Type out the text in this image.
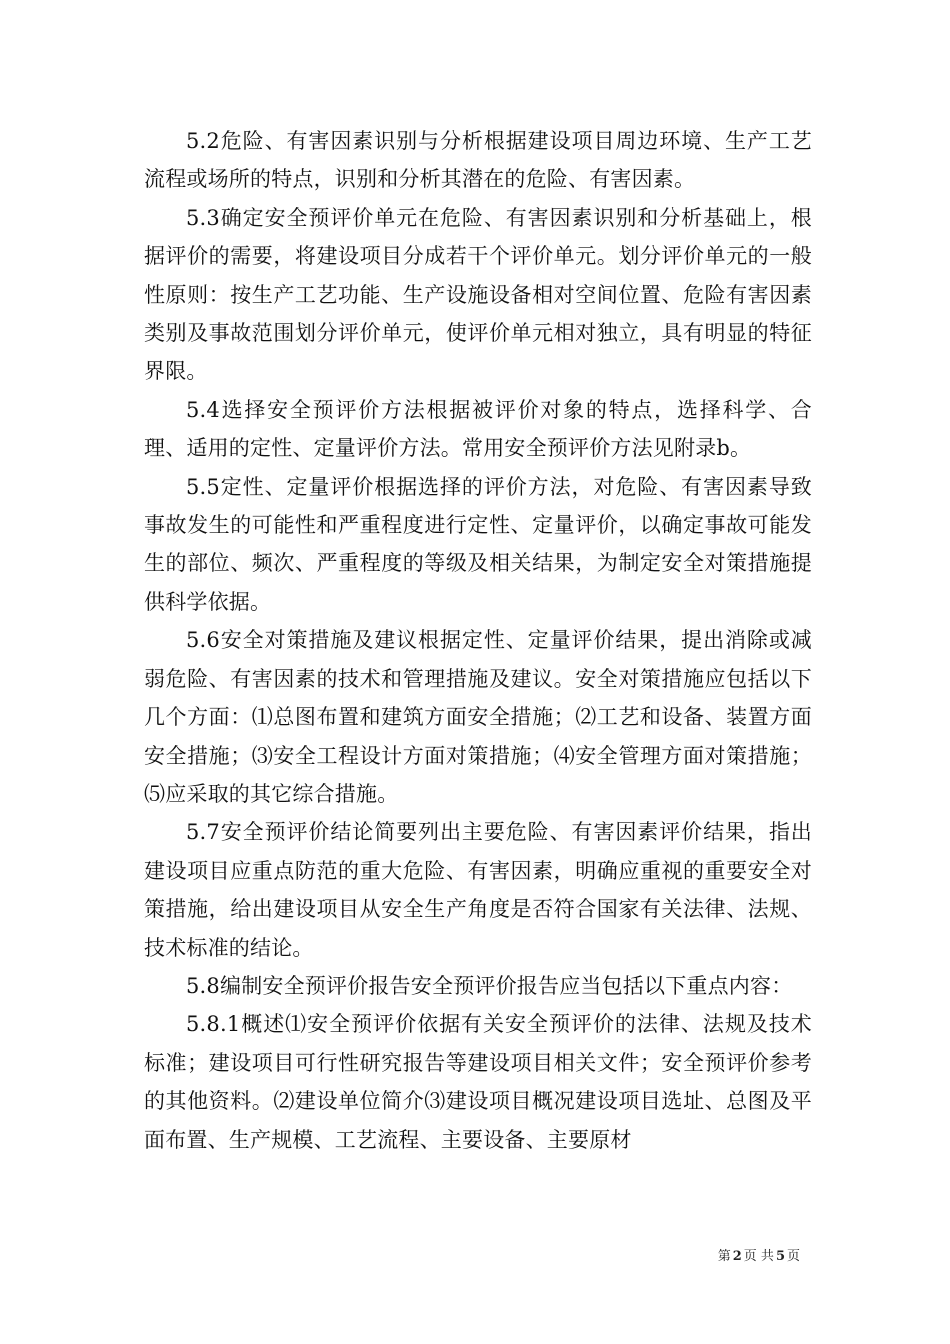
5.2危险、有害因素识别与分析根据建设项目周边环境、生产工艺流程或场所的特点，识别和分析其潜在的危险、有害因素。

5.3确定安全预评价单元在危险、有害因素识别和分析基础上，根据评价的需要，将建设项目分成若干个评价单元。划分评价单元的一般性原则：按生产工艺功能、生产设施设备相对空间位置、危险有害因素类别及事故范围划分评价单元，使评价单元相对独立，具有明显的特征界限。

5.4选择安全预评价方法根据被评价对象的特点，选择科学、合理、适用的定性、定量评价方法。常用安全预评价方法见附录b。

5.5定性、定量评价根据选择的评价方法，对危险、有害因素导致事故发生的可能性和严重程度进行定性、定量评价，以确定事故可能发生的部位、频次、严重程度的等级及相关结果，为制定安全对策措施提供科学依据。

5.6安全对策措施及建议根据定性、定量评价结果，提出消除或减弱危险、有害因素的技术和管理措施及建议。安全对策措施应包括以下几个方面：⑴总图布置和建筑方面安全措施；⑵工艺和设备、装置方面安全措施；⑶安全工程设计方面对策措施；⑷安全管理方面对策措施；⑸应采取的其它综合措施。

5.7安全预评价结论简要列出主要危险、有害因素评价结果，指出建设项目应重点防范的重大危险、有害因素，明确应重视的重要安全对策措施，给出建设项目从安全生产角度是否符合国家有关法律、法规、技术标准的结论。

5.8编制安全预评价报告安全预评价报告应当包括以下重点内容：

5.8.1概述⑴安全预评价依据有关安全预评价的法律、法规及技术标准；建设项目可行性研究报告等建设项目相关文件；安全预评价参考的其他资料。⑵建设单位简介⑶建设项目概况建设项目选址、总图及平面布置、生产规模、工艺流程、主要设备、主要原材

第 2 页 共 5 页
